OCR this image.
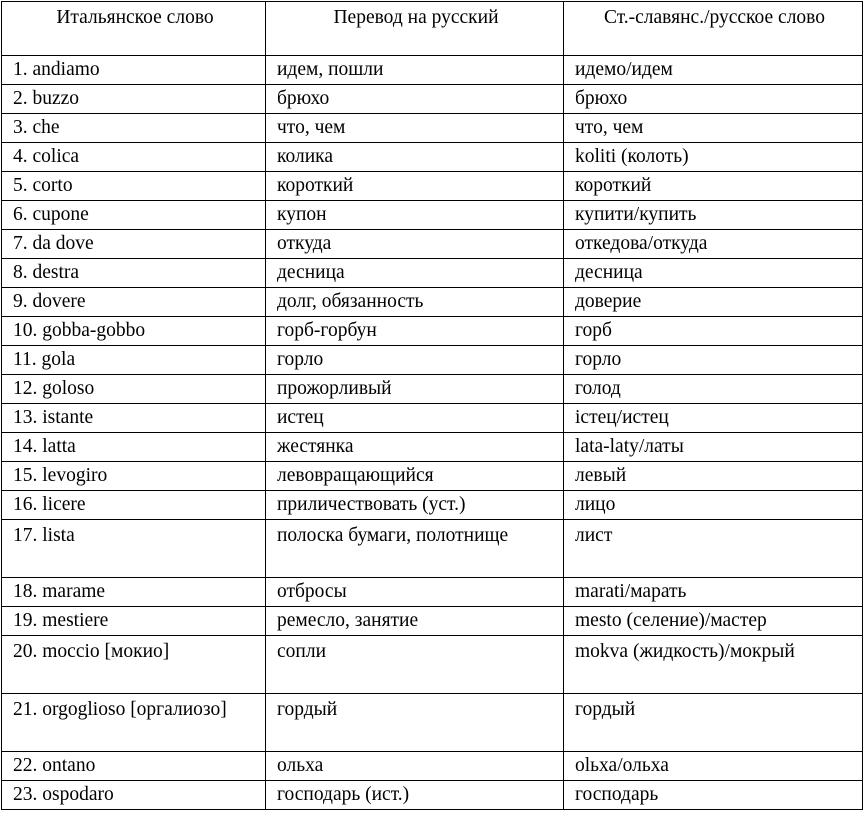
Итальянское слово	Перевод на русский	Ст.-славянс./русское слово
1. andiamo	идем, пошли	идемо/идем
2. buzzo	брюхо	брюхо
3. che	что, чем	что, чем
4. colica	колика	koliti (колоть)
5. corto	короткий	короткий
6. cupone	купон	купити/купить
7. da dove	откуда	откедова/откуда
8. destra	десница	десница
9. dovere	долг, обязанность	доверие
10. gobba-gobbo	горб-горбун	горб
11. gola	горло	горло
12. goloso	прожорливый	голод
13. istante	истец	iстец/истец
14. latta	жестянка	lata-laty/латы
15. levogiro	левовращающийся	левый
16. licere	приличествовать (уст.)	лицо
17. lista	полоска бумаги, полотнище	лист
18. marame	отбросы	marati/марать
19. mestiere	ремесло, занятие	mesto (селение)/мастер
20. moccio [мокио]	сопли	mokva (жидкость)/мокрый
21. orgoglioso [оргалиозо]	гордый	гордый
22. ontano	ольха	olьха/ольха
23. ospodaro	господарь (ист.)	господарь
